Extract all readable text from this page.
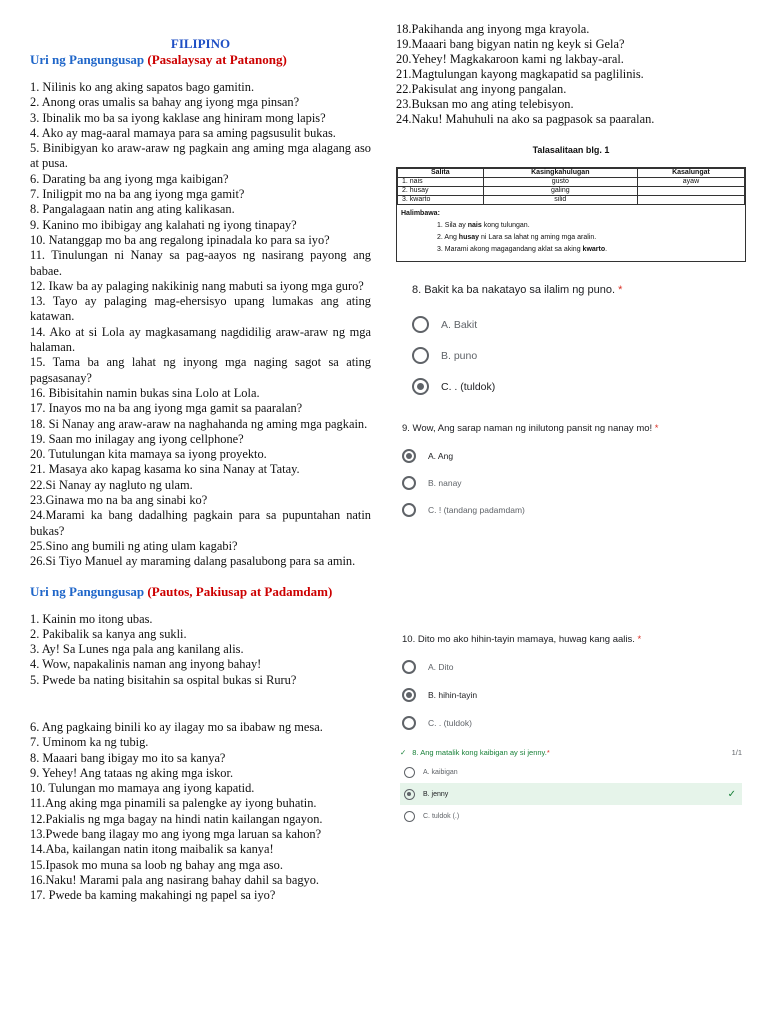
FILIPINO
Uri ng Pangungusap (Pasalaysay at Patanong)
1. Nilinis ko ang aking sapatos bago gamitin.
2. Anong oras umalis sa bahay ang iyong mga pinsan?
3. Ibinalik mo ba sa iyong kaklase ang hiniram mong lapis?
4. Ako ay mag-aaral mamaya para sa aming pagsusulit bukas.
5. Binibigyan ko araw-araw ng pagkain ang aming mga alagang aso at pusa.
6. Darating ba ang iyong mga kaibigan?
7. Iniligpit mo na ba ang iyong mga gamit?
8. Pangalagaan natin ang ating kalikasan.
9. Kanino mo ibibigay ang kalahati ng iyong tinapay?
10. Natanggap mo ba ang regalong ipinadala ko para sa iyo?
11. Tinulungan ni Nanay sa pag-aayos ng nasirang payong ang babae.
12. Ikaw ba ay palaging nakikinig nang mabuti sa iyong mga guro?
13. Tayo ay palaging mag-ehersisyo upang lumakas ang ating katawan.
14. Ako at si Lola ay magkasamang nagdidilig araw-araw ng mga halaman.
15. Tama ba ang lahat ng inyong mga naging sagot sa ating pagsasanay?
16. Bibisitahin namin bukas sina Lolo at Lola.
17. Inayos mo na ba ang iyong mga gamit sa paaralan?
18. Si Nanay ang araw-araw na naghahanda ng aming mga pagkain.
19. Saan mo inilagay ang iyong cellphone?
20. Tutulungan kita mamaya sa iyong proyekto.
21. Masaya ako kapag kasama ko sina Nanay at Tatay.
22.Si Nanay ay nagluto ng ulam.
23.Ginawa mo na ba ang sinabi ko?
24.Marami ka bang dadalhing pagkain para sa pupuntahan natin bukas?
25.Sino ang bumili ng ating ulam kagabi?
26.Si Tiyo Manuel ay maraming dalang pasalubong para sa amin.
Uri ng Pangungusap (Pautos, Pakiusap at Padamdam)
1. Kainin mo itong ubas.
2. Pakibalik sa kanya ang sukli.
3. Ay! Sa Lunes nga pala ang kanilang alis.
4. Wow, napakalinis naman ang inyong bahay!
5. Pwede ba nating bisitahin sa ospital bukas si Ruru?
6. Ang pagkaing binili ko ay ilagay mo sa ibabaw ng mesa.
7. Uminom ka ng tubig.
8. Maaari bang ibigay mo ito sa kanya?
9. Yehey! Ang tataas ng aking mga iskor.
10. Tulungan mo mamaya ang iyong kapatid.
11.Ang aking mga pinamili sa palengke ay iyong buhatin.
12.Pakialis ng mga bagay na hindi natin kailangan ngayon.
13.Pwede bang ilagay mo ang iyong mga laruan sa kahon?
14.Aba, kailangan natin itong maibalik sa kanya!
15.Ipasok mo muna sa loob ng bahay ang mga aso.
16.Naku! Marami pala ang nasirang bahay dahil sa bagyo.
17. Pwede ba kaming makahingi ng papel sa iyo?
18.Pakihanda ang inyong mga krayola.
19.Maaari bang bigyan natin ng keyk si Gela?
20.Yehey! Magkakaroon kami ng lakbay-aral.
21.Magtulungan kayong magkapatid sa paglilinis.
22.Pakisulat ang inyong pangalan.
23.Buksan mo ang ating telebisyon.
24.Naku! Mahuhuli na ako sa pagpasok sa paaralan.
Talasalitaan blg. 1
Salita	Kasingkahulugan	Kasalungat
1. nais	gusto	ayaw
2. husay	galing	
3. kwarto	silid	
Halimbawa:
1. Sila ay nais kong tulungan.
2. Ang husay ni Lara sa lahat ng aming mga aralin.
3. Marami akong magagandang aklat sa aking kwarto.
8. Bakit ka ba nakatayo sa ilalim ng puno. *
A. Bakit
B. puno
C. . (tuldok)
9. Wow, Ang sarap naman ng inilutong pansit ng nanay mo! *
A. Ang
B. nanay
C. ! (tandang padamdam)
10. Dito mo ako hihin-tayin mamaya, huwag kang aalis. *
A. Dito
B. hihin-tayin
C. . (tuldok)
✓ 8. Ang matalik kong kaibigan ay si jenny. *	1/1
A. kaibigan
B. jenny	✓
C. tuldok (.)
